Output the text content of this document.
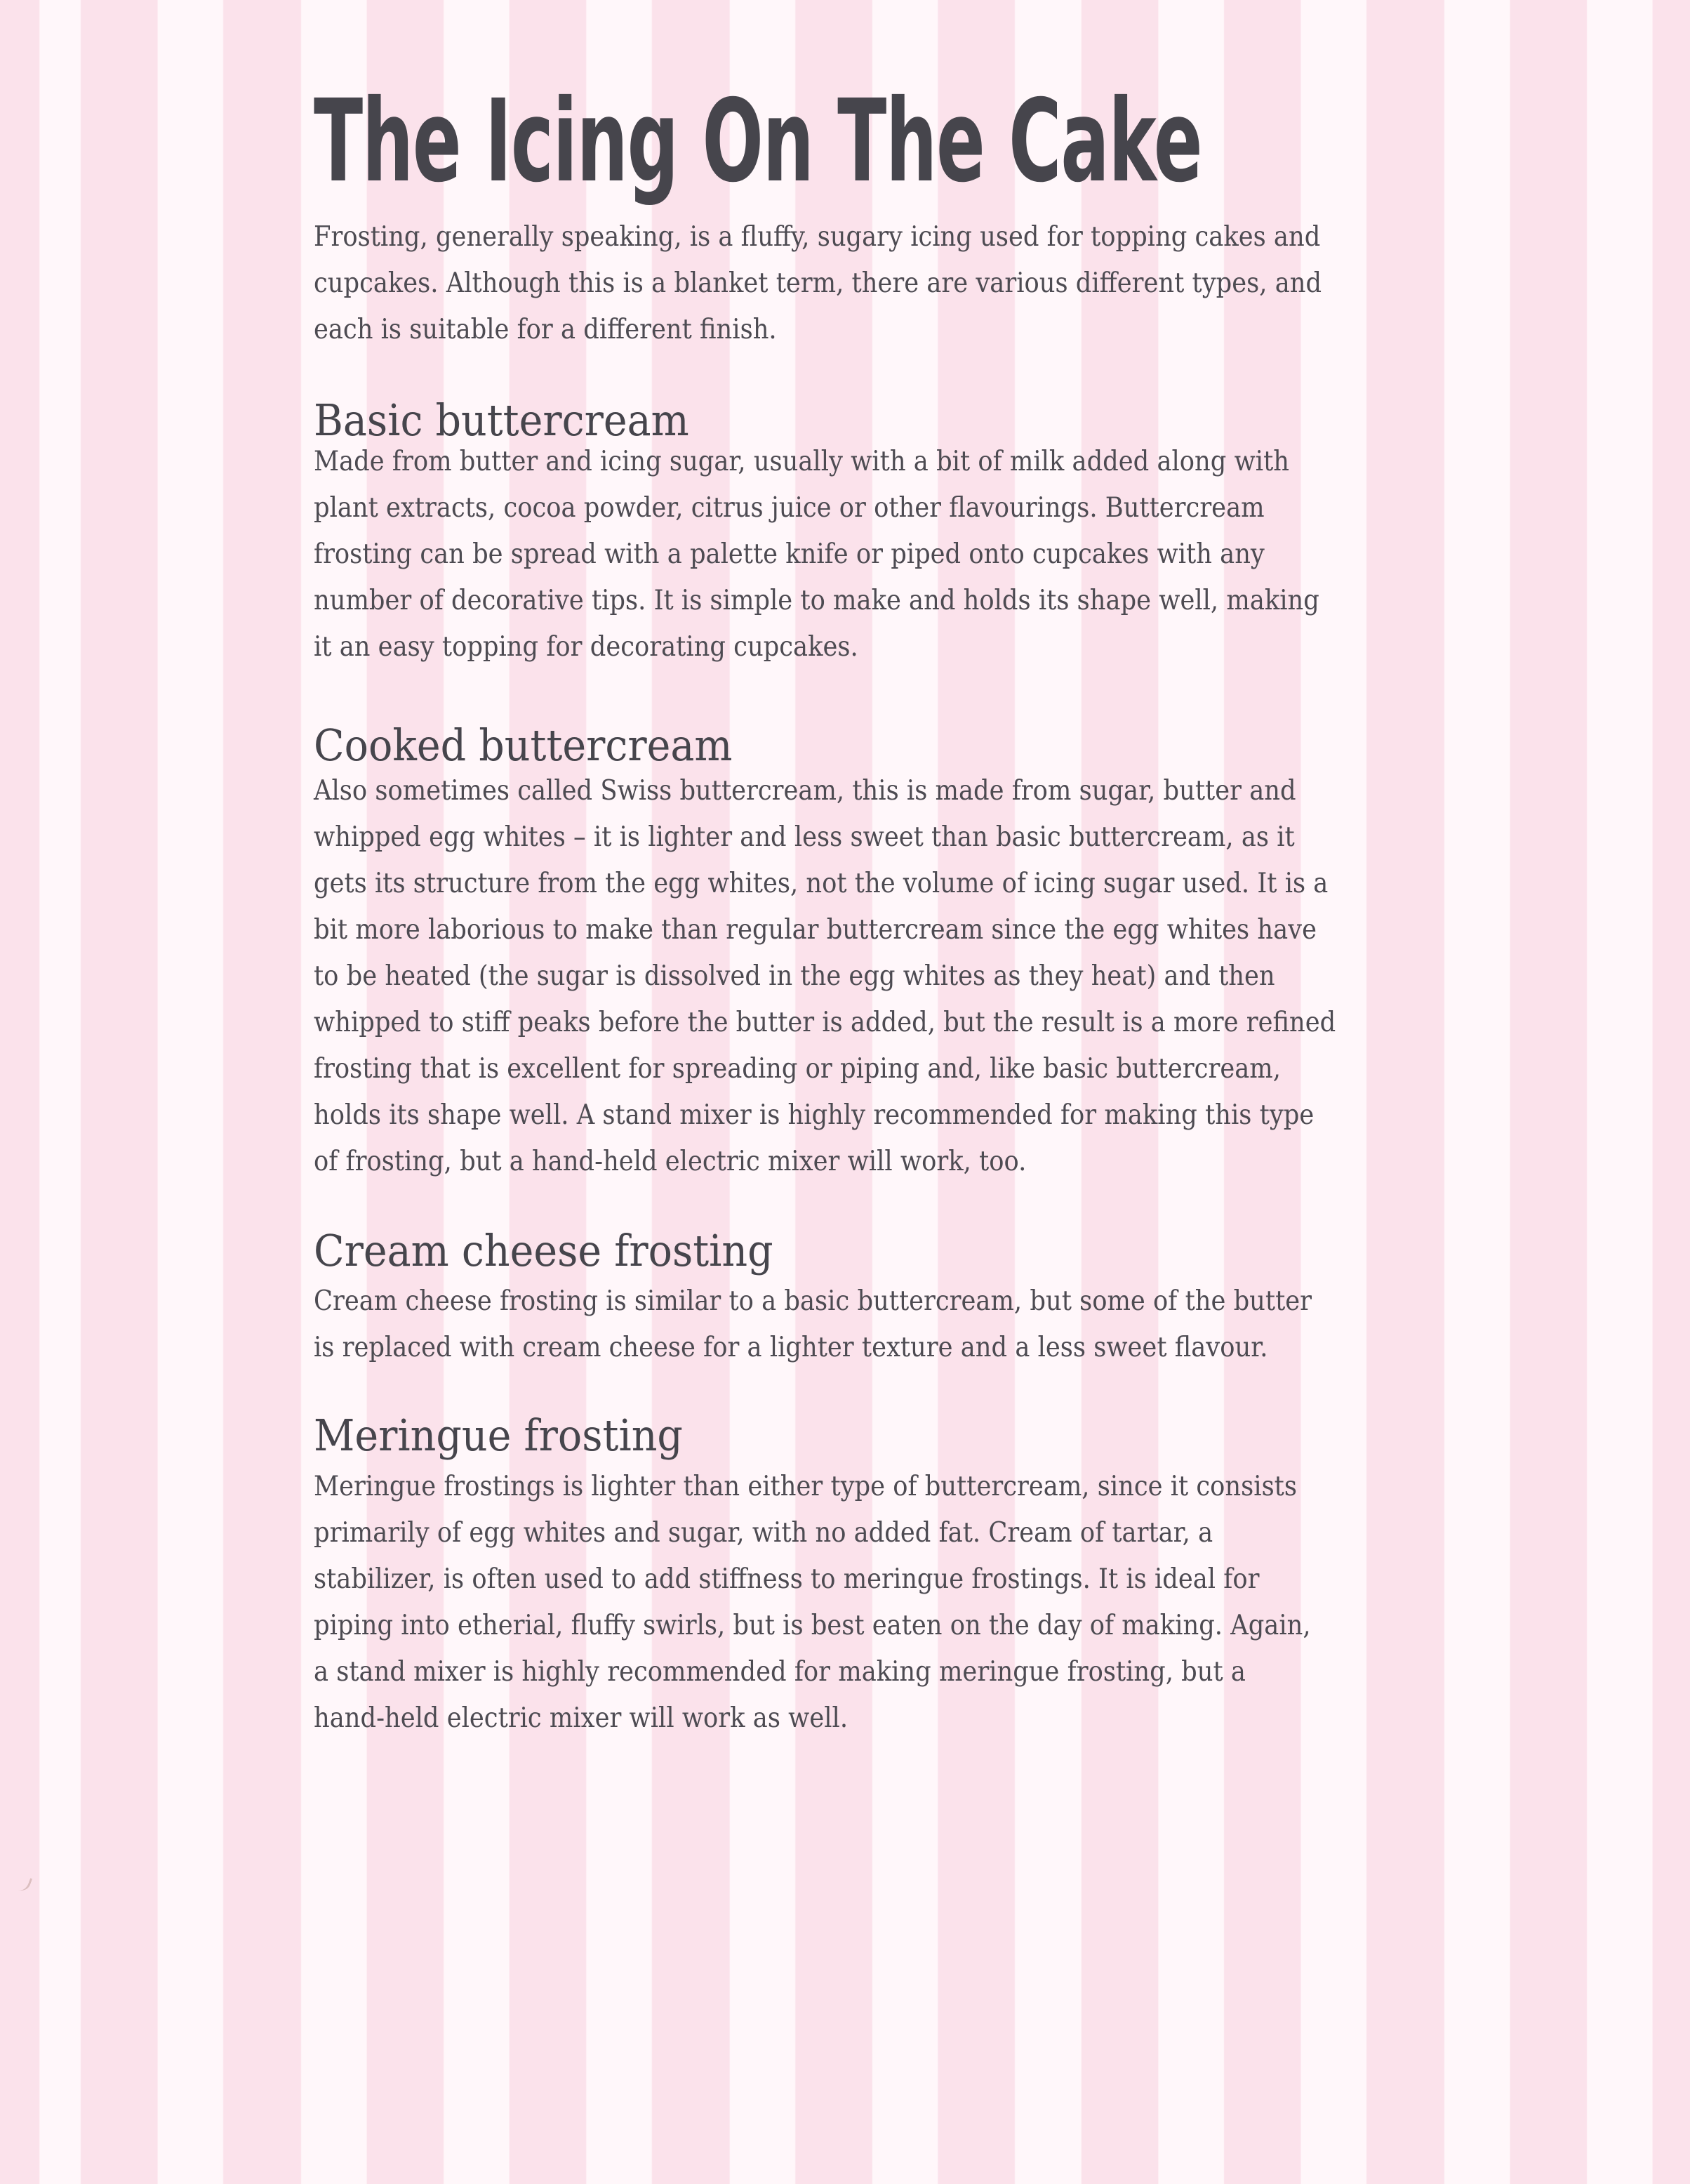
The Icing On The Cake
Frosting, generally speaking, is a fluffy, sugary icing used for topping cakes and
cupcakes. Although this is a blanket term, there are various different types, and
each is suitable for a different finish.
Basic buttercream
Made from butter and icing sugar, usually with a bit of milk added along with
plant extracts, cocoa powder, citrus juice or other flavourings. Buttercream
frosting can be spread with a palette knife or piped onto cupcakes with any
number of decorative tips. It is simple to make and holds its shape well, making
it an easy topping for decorating cupcakes.
Cooked buttercream
Also sometimes called Swiss buttercream, this is made from sugar, butter and
whipped egg whites – it is lighter and less sweet than basic buttercream, as it
gets its structure from the egg whites, not the volume of icing sugar used. It is a
bit more laborious to make than regular buttercream since the egg whites have
to be heated (the sugar is dissolved in the egg whites as they heat) and then
whipped to stiff peaks before the butter is added, but the result is a more refined
frosting that is excellent for spreading or piping and, like basic buttercream,
holds its shape well. A stand mixer is highly recommended for making this type
of frosting, but a hand-held electric mixer will work, too.
Cream cheese frosting
Cream cheese frosting is similar to a basic buttercream, but some of the butter
is replaced with cream cheese for a lighter texture and a less sweet flavour.
Meringue frosting
Meringue frostings is lighter than either type of buttercream, since it consists
primarily of egg whites and sugar, with no added fat. Cream of tartar, a
stabilizer, is often used to add stiffness to meringue frostings. It is ideal for
piping into etherial, fluffy swirls, but is best eaten on the day of making. Again,
a stand mixer is highly recommended for making meringue frosting, but a
hand-held electric mixer will work as well.
